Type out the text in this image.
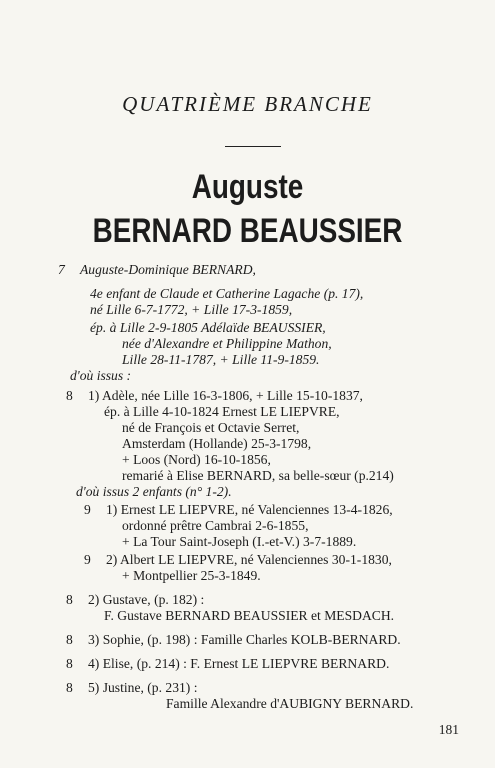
QUATRIÈME BRANCHE
Auguste
BERNARD BEAUSSIER
7 Auguste-Dominique BERNARD,
4e enfant de Claude et Catherine Lagache (p. 17),
né Lille 6-7-1772, + Lille 17-3-1859,
ép. à Lille 2-9-1805 Adélaïde BEAUSSIER,
née d'Alexandre et Philippine Mathon,
Lille 28-11-1787, + Lille 11-9-1859.
d'où issus :
8 1) Adèle, née Lille 16-3-1806, + Lille 15-10-1837,
ép. à Lille 4-10-1824 Ernest LE LIEPVRE,
né de François et Octavie Serret,
Amsterdam (Hollande) 25-3-1798,
+ Loos (Nord) 16-10-1856,
remarié à Elise BERNARD, sa belle-sœur (p.214)
d'où issus 2 enfants (n° 1-2).
9 1) Ernest LE LIEPVRE, né Valenciennes 13-4-1826,
ordonné prêtre Cambrai 2-6-1855,
+ La Tour Saint-Joseph (I.-et-V.) 3-7-1889.
9 2) Albert LE LIEPVRE, né Valenciennes 30-1-1830,
+ Montpellier 25-3-1849.
8 2) Gustave, (p. 182) :
F. Gustave BERNARD BEAUSSIER et MESDACH.
8 3) Sophie, (p. 198) : Famille Charles KOLB-BERNARD.
8 4) Elise, (p. 214) : F. Ernest LE LIEPVRE BERNARD.
8 5) Justine, (p. 231) :
Famille Alexandre d'AUBIGNY BERNARD.
181
